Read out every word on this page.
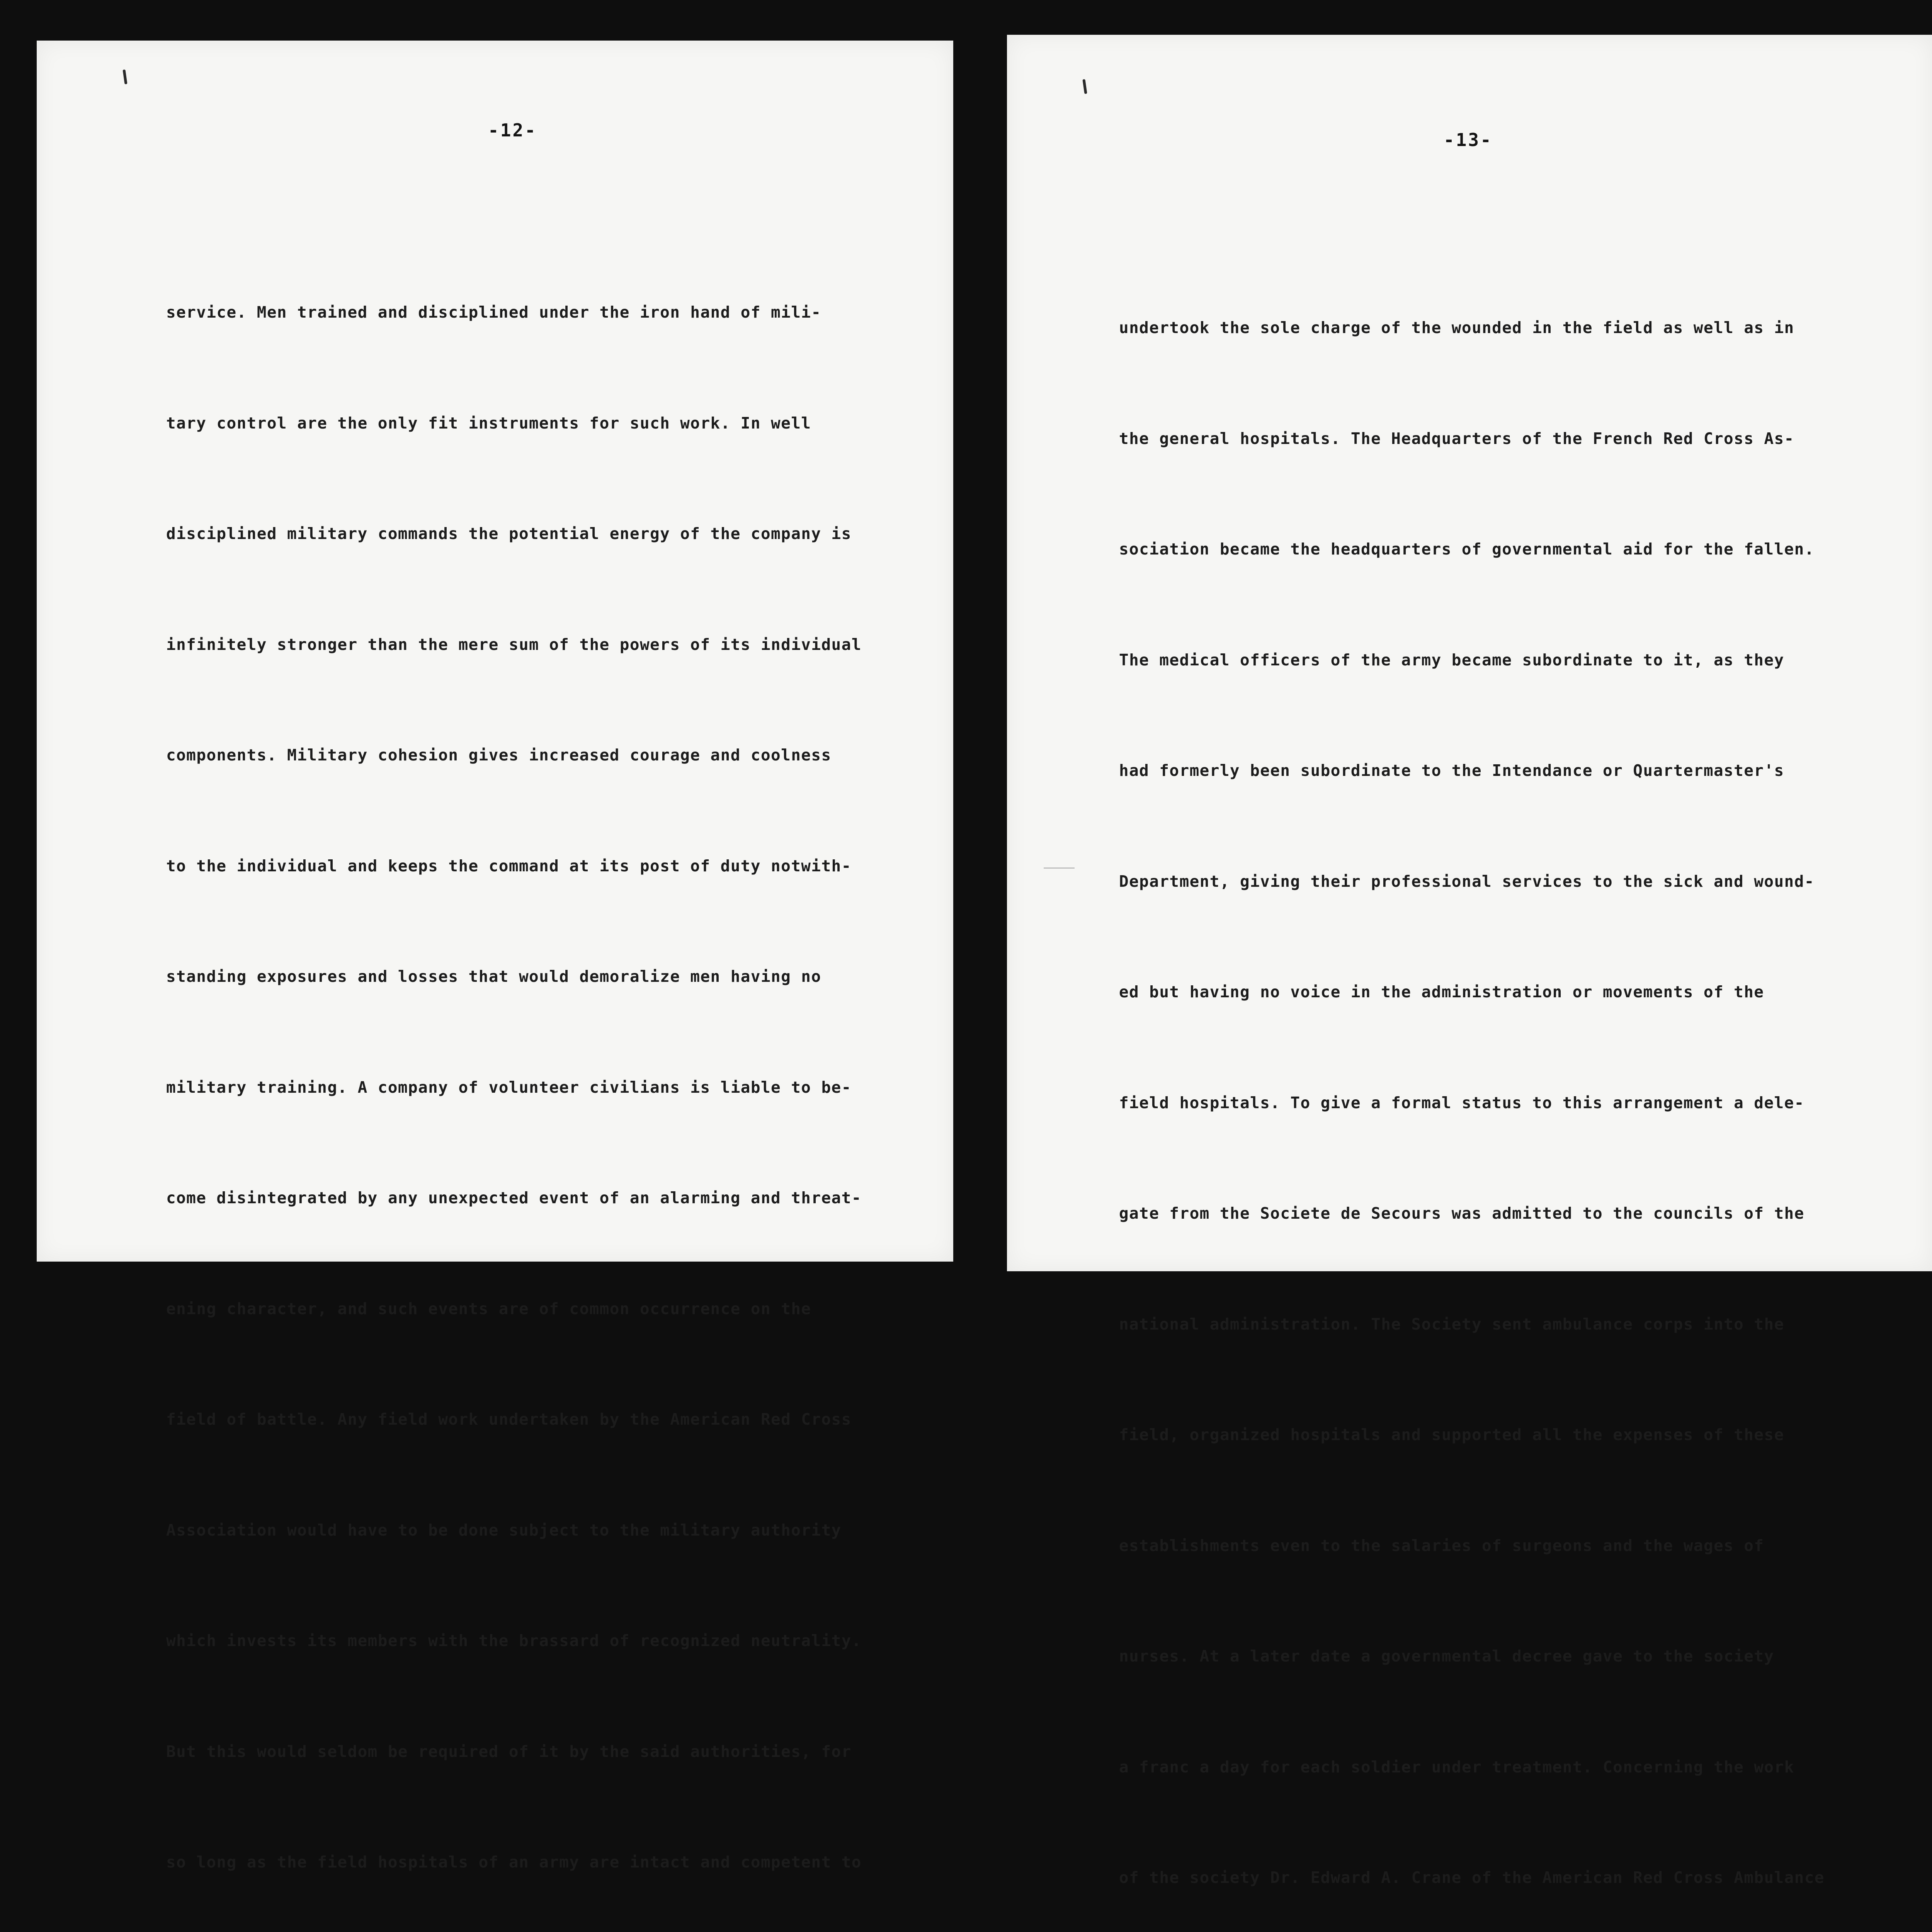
-12-

service. Men trained and disciplined under the iron hand of mili-

tary control are the only fit instruments for such work. In well

disciplined military commands the potential energy of the company is

infinitely stronger than the mere sum of the powers of its individual

components. Military cohesion gives increased courage and coolness

to the individual and keeps the command at its post of duty notwith-

standing exposures and losses that would demoralize men having no

military training. A company of volunteer civilians is liable to be-

come disintegrated by any unexpected event of an alarming and threat-

ening character, and such events are of common occurrence on the

field of battle. Any field work undertaken by the American Red Cross

Association would have to be done subject to the military authority

which invests its members with the brassard of recognized neutrality.

But this would seldom be required of it by the said authorities, for

so long as the field hospitals of an army are intact and competent to

-13-

undertook the sole charge of the wounded in the field as well as in

the general hospitals. The Headquarters of the French Red Cross As-

sociation became the headquarters of governmental aid for the fallen.

The medical officers of the army became subordinate to it, as they

had formerly been subordinate to the Intendance or Quartermaster's

Department, giving their professional services to the sick and wound-

ed but having no voice in the administration or movements of the

field hospitals. To give a formal status to this arrangement a dele-

gate from the Societe de Secours was admitted to the councils of the

national administration. The Society sent ambulance corps into the

field, organized hospitals and supported all the expenses of these

establishments even to the salaries of surgeons and the wages of

nurses. At a later date a governmental decree gave to the society

a franc a day for each soldier under treatment. Concerning the work

of the society Dr. Edward A. Crane of the American Red Cross Ambulance
